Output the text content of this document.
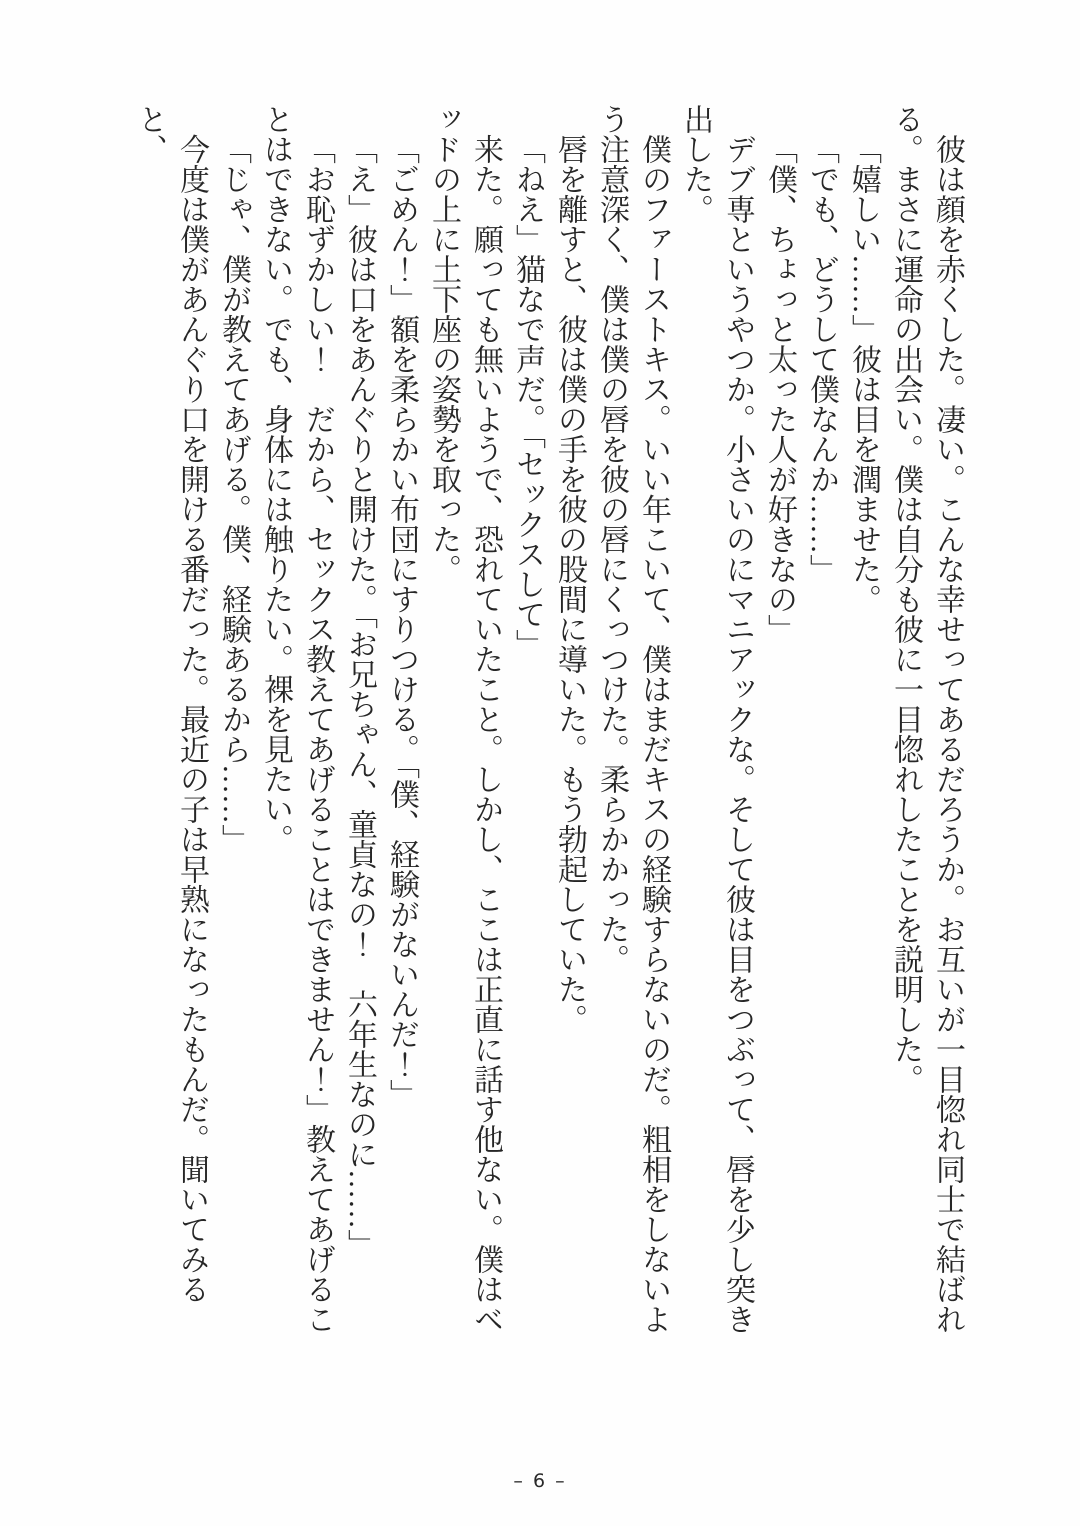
彼は顔を赤くした。凄い。こんな幸せってあるだろうか。お互いが一目惚れ同士で結ばれる。まさに運命の出会い。僕は自分も彼に一目惚れしたことを説明した。

「嬉しい……」彼は目を潤ませた。

「でも、どうして僕なんか……」

「僕、ちょっと太った人が好きなの」

デブ専というやつか。小さいのにマニアックな。そして彼は目をつぶって、唇を少し突き出した。

僕のファーストキス。いい年こいて、僕はまだキスの経験すらないのだ。粗相をしないよう注意深く、僕は僕の唇を彼の唇にくっつけた。柔らかかった。

唇を離すと、彼は僕の手を彼の股間に導いた。もう勃起していた。

「ねえ」猫なで声だ。「セックスして」

来た。願っても無いようで、恐れていたこと。しかし、ここは正直に話す他ない。僕はベッドの上に土下座の姿勢を取った。

「ごめん！」額を柔らかい布団にすりつける。「僕、経験がないんだ！」

「え」彼は口をあんぐりと開けた。「お兄ちゃん、童貞なの！　六年生なのに……」

「お恥ずかしい！　だから、セックス教えてあげることはできません！」教えてあげることはできない。でも、身体には触りたい。裸を見たい。

「じゃ、僕が教えてあげる。僕、経験あるから……」

今度は僕があんぐり口を開ける番だった。最近の子は早熟になったもんだ。聞いてみると、

– 6 –
